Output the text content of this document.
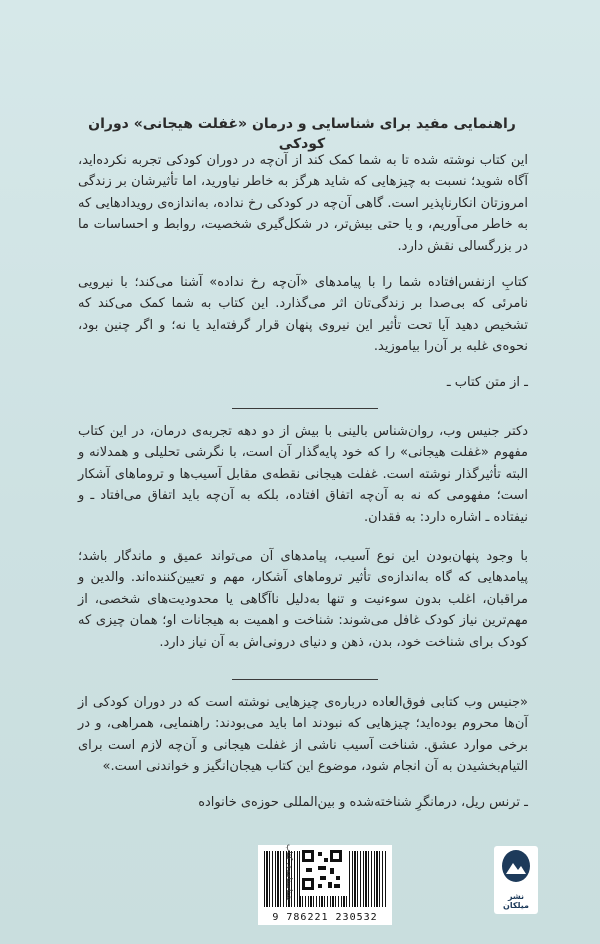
راهنمایی مفید برای شناسایی و درمان «غفلت هیجانی» دوران کودکی
این کتاب نوشته شده تا به شما کمک کند از آن‌چه در دوران کودکی تجربه نکرده‌اید، آگاه شوید؛ نسبت به چیزهایی که شاید هرگز به خاطر نیاورید، اما تأثیرشان بر زندگی امروزتان انکارناپذیر است. گاهی آن‌چه در کودکی رخ نداده، به‌اندازه‌ی رویدادهایی که به خاطر می‌آوریم، و یا حتی بیش‌تر، در شکل‌گیری شخصیت، روابط و احساسات ما در بزرگسالی نقش دارد.
کتابِ ازنفس‌افتاده شما را با پیامدهای «آن‌چه رخ نداده» آشنا می‌کند؛ با نیرویی نامرئی که بی‌صدا بر زندگی‌تان اثر می‌گذارد. این کتاب به شما کمک می‌کند که تشخیص دهید آیا تحت تأثیر این نیروی پنهان قرار گرفته‌اید یا نه؛ و اگر چنین بود، نحوه‌ی غلبه بر آن‌را بیاموزید.
ـ از متن کتاب ـ
دکتر جنیس وب، روان‌شناس بالینی با بیش از دو دهه تجربه‌ی درمان، در این کتاب مفهوم «غفلت هیجانی» را که خود پایه‌گذار آن است، با نگرشی تحلیلی و همدلانه و البته تأثیرگذار نوشته است. غفلت هیجانی نقطه‌ی مقابل آسیب‌ها و تروماهای آشکار است؛ مفهومی که نه به آن‌چه اتفاق افتاده، بلکه به آن‌چه باید اتفاق می‌افتاد ـ و نیفتاده ـ اشاره دارد: به فقدان.
با وجود پنهان‌بودن این نوع آسیب، پیامدهای آن می‌تواند عمیق و ماندگار باشد؛ پیامدهایی که گاه به‌اندازه‌ی تأثیر تروماهای آشکار، مهم و تعیین‌کننده‌اند. والدین و مراقبان، اغلب بدون سوءنیت و تنها به‌دلیل ناآگاهی یا محدودیت‌های شخصی، از مهم‌ترین نیاز کودک غافل می‌شوند: شناخت و اهمیت به هیجانات او؛ همان چیزی که کودک برای شناخت خود، بدن، ذهن و دنیای درونی‌اش به آن نیاز دارد.
«جنیس وب کتابی فوق‌العاده درباره‌ی چیزهایی نوشته است که در دوران کودکی از آن‌ها محروم بوده‌اید؛ چیزهایی که نبودند اما باید می‌بودند: راهنمایی، همراهی، و در برخی موارد عشق. شناخت آسیب ناشی از غفلت هیجانی و آن‌چه لازم است برای التیام‌بخشیدن به آن انجام شود، موضوع این کتاب هیجان‌انگیز و خواندنی است.»
ـ ترنس ریل، درمانگرِ شناخته‌شده و بین‌المللی حوزه‌ی خانواده
9 786221 230532
شناسنامه‌ی کتاب	نشر میلکان
